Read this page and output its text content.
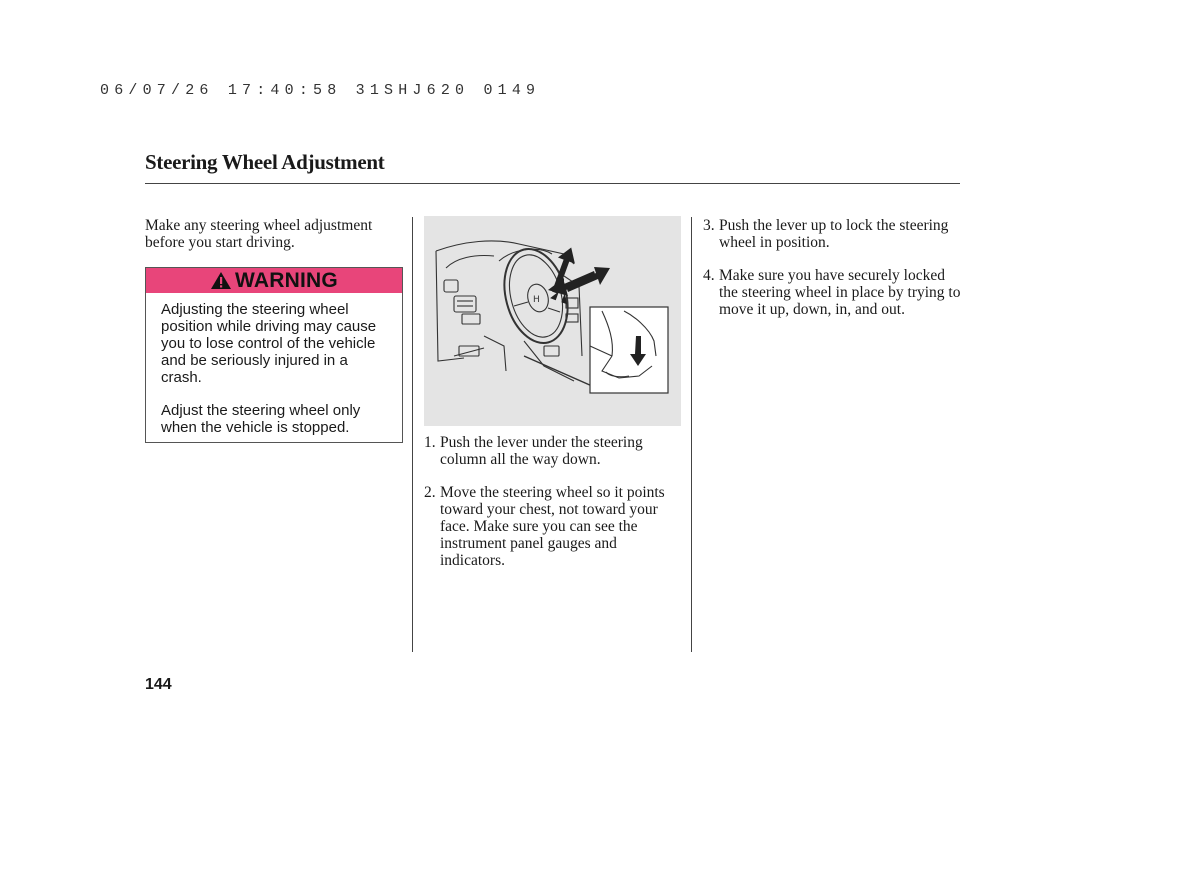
06/07/26 17:40:58 31SHJ620 0149
Steering Wheel Adjustment

Make any steering wheel adjustment before you start driving.

WARNING

Adjusting the steering wheel position while driving may cause you to lose control of the vehicle and be seriously injured in a crash.

Adjust the steering wheel only when the vehicle is stopped.

H
1. Push the lever under the steering column all the way down.
2. Move the steering wheel so it points toward your chest, not toward your face. Make sure you can see the instrument panel gauges and indicators.
3. Push the lever up to lock the steering wheel in position.
4. Make sure you have securely locked the steering wheel in place by trying to move it up, down, in, and out.
144
